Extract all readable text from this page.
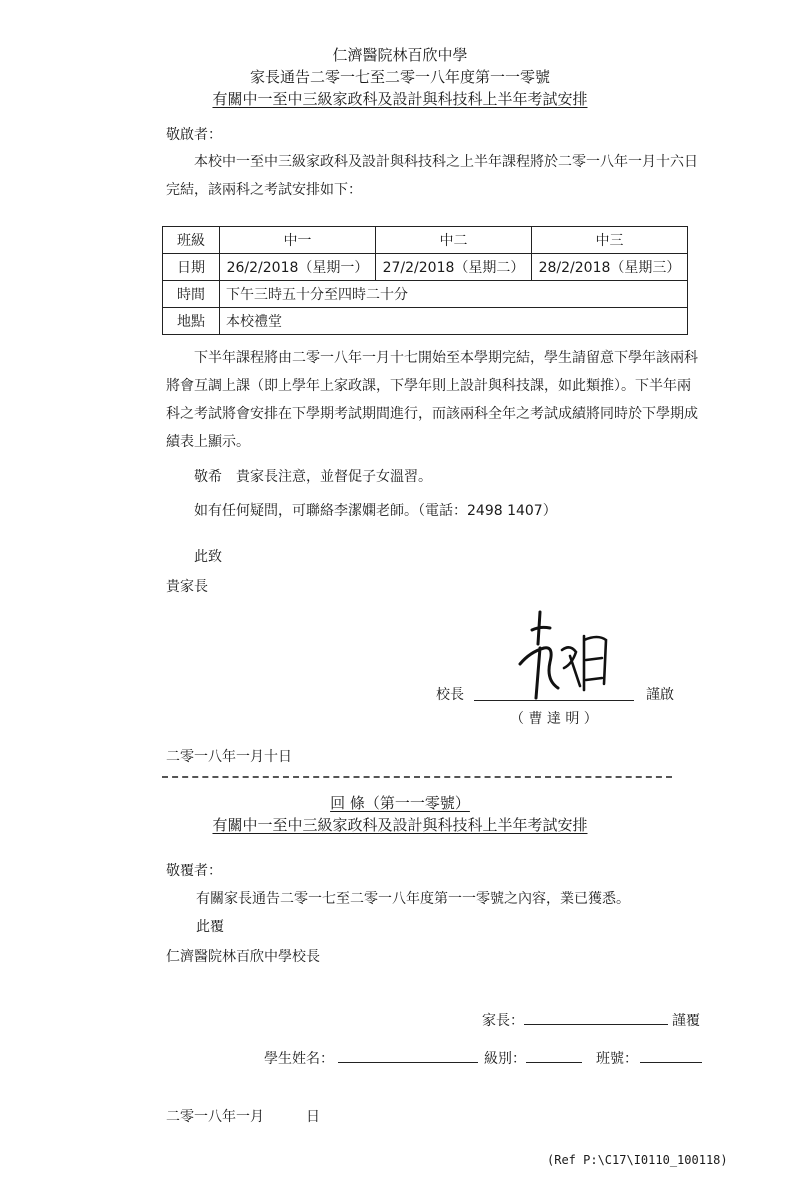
仁濟醫院林百欣中學
家長通告二零一七至二零一八年度第一一零號
有關中一至中三級家政科及設計與科技科上半年考試安排
敬啟者：
本校中一至中三級家政科及設計與科技科之上半年課程將於二零一八年一月十六日完結，該兩科之考試安排如下：
班級	中一	中二	中三
日期	26/2/2018（星期一）	27/2/2018（星期二）	28/2/2018（星期三）
時間	下午三時五十分至四時二十分		
地點	本校禮堂		
下半年課程將由二零一八年一月十七開始至本學期完結，學生請留意下學年該兩科將會互調上課（即上學年上家政課，下學年則上設計與科技課，如此類推）。下半年兩科之考試將會安排在下學期考試期間進行，而該兩科全年之考試成績將同時於下學期成績表上顯示。
敬希　貴家長注意，並督促子女溫習。
如有任何疑問，可聯絡李潔嫻老師。（電話：2498 1407）
此致
貴家長
校長	謹啟
（ 曹 達 明 ）
二零一八年一月十日
回 條（第一一零號）
有關中一至中三級家政科及設計與科技科上半年考試安排
敬覆者：
有關家長通告二零一七至二零一八年度第一一零號之內容，業已獲悉。
此覆
仁濟醫院林百欣中學校長
家長：	謹覆
學生姓名：	級別：	班號：
二零一八年一月　　　日
(Ref P:\C17\I0110_100118)
